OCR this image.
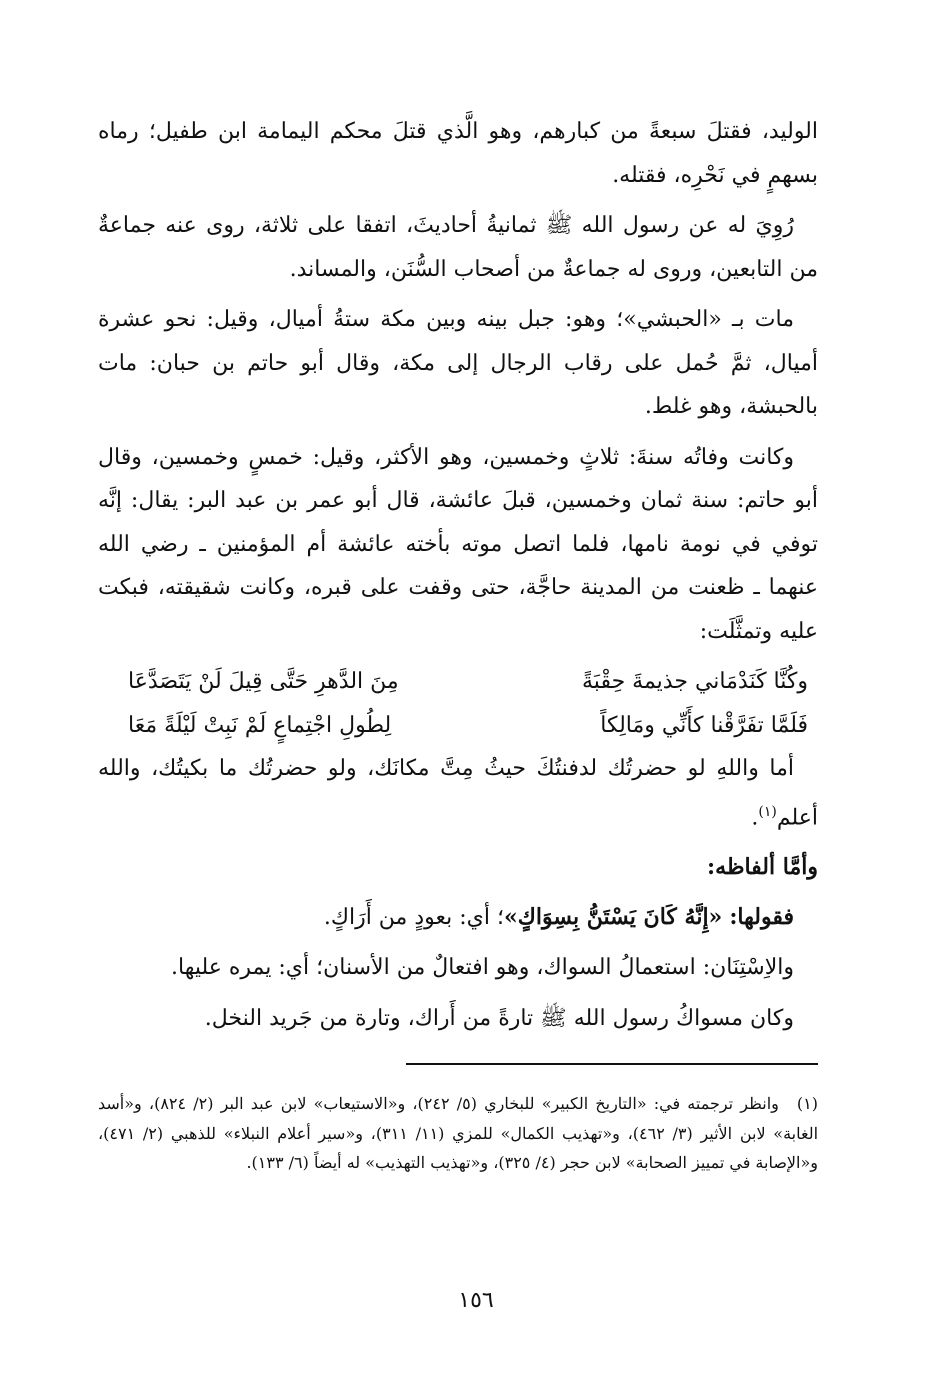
الوليد، فقتلَ سبعةً من كبارهم، وهو الَّذي قتلَ محكم اليمامة ابن طفيل؛ رماه بسهمٍ في نَحْرِه، فقتله.

رُوِيَ له عن رسول الله ﷺ ثمانيةُ أحاديثَ، اتفقا على ثلاثة، روى عنه جماعةٌ من التابعين، وروى له جماعةٌ من أصحاب السُّنَن، والمساند.

مات بـ «الحبشي»؛ وهو: جبل بينه وبين مكة ستةُ أميال، وقيل: نحو عشرة أميال، ثمَّ حُمل على رقاب الرجال إلى مكة، وقال أبو حاتم بن حبان: مات بالحبشة، وهو غلط.

وكانت وفاتُه سنةَ: ثلاثٍ وخمسين، وهو الأكثر، وقيل: خمسٍ وخمسين، وقال أبو حاتم: سنة ثمان وخمسين، قبلَ عائشة، قال أبو عمر بن عبد البر: يقال: إنَّه توفي في نومة نامها، فلما اتصل موته بأخته عائشة أم المؤمنين ـ رضي الله عنهما ـ ظعنت من المدينة حاجَّة، حتى وقفت على قبره، وكانت شقيقته، فبكت عليه وتمثَّلَت:

وكُنَّا كَنَدْمَاني جذيمةَ حِقْبَةً
مِنَ الدَّهرِ حَتَّى قِيلَ لَنْ يَتَصَدَّعَا
فَلَمَّا تفَرَّقْنا كأَنِّي ومَالِكاً
لِطُولِ اجْتِماعٍ لَمْ نَبِتْ لَيْلَةً مَعَا

أما واللهِ لو حضرتُك لدفنتُكَ حيثُ مِتَّ مكانَك، ولو حضرتُك ما بكيتُك، والله أعلم$^{(١)}$.

وأمَّا ألفاظه:

فقولها: «إِنَّهُ كَانَ يَسْتَنُّ بِسِوَاكٍ»؛ أي: بعودٍ من أَرَاكٍ.

والاِسْتِنَان: استعمالُ السواك، وهو افتعالٌ من الأسنان؛ أي: يمره عليها.

وكان مسواكُ رسول الله ﷺ تارةً من أَراك، وتارة من جَريد النخل.

(١)
وانظر ترجمته في: «التاريخ الكبير» للبخاري (٥/ ٢٤٢)، و«الاستيعاب» لابن عبد البر (٢/ ٨٢٤)، و«أسد الغابة» لابن الأثير (٣/ ٤٦٢)، و«تهذيب الكمال» للمزي (١١/ ٣١١)، و«سير أعلام النبلاء» للذهبي (٢/ ٤٧١)، و«الإصابة في تمييز الصحابة» لابن حجر (٤/ ٣٢٥)، و«تهذيب التهذيب» له أيضاً (٦/ ١٣٣).
١٥٦
